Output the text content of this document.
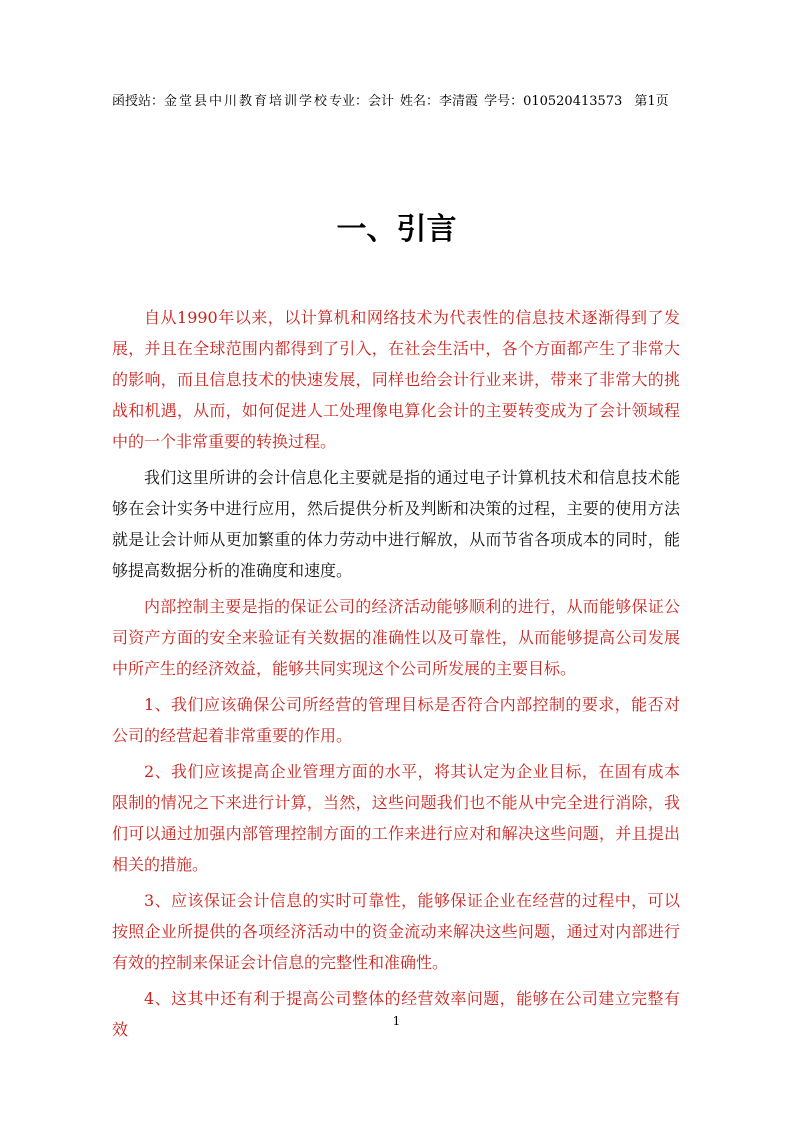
函授站：金堂县中川教育培训学校专业：会计 姓名：李清霞 学号：010520413573 第1页
一、引言

自从1990年以来，以计算机和网络技术为代表性的信息技术逐渐得到了发展，并且在全球范围内都得到了引入，在社会生活中，各个方面都产生了非常大的影响，而且信息技术的快速发展，同样也给会计行业来讲，带来了非常大的挑战和机遇，从而，如何促进人工处理像电算化会计的主要转变成为了会计领域程中的一个非常重要的转换过程。

我们这里所讲的会计信息化主要就是指的通过电子计算机技术和信息技术能够在会计实务中进行应用，然后提供分析及判断和决策的过程，主要的使用方法就是让会计师从更加繁重的体力劳动中进行解放，从而节省各项成本的同时，能够提高数据分析的准确度和速度。

内部控制主要是指的保证公司的经济活动能够顺利的进行，从而能够保证公司资产方面的安全来验证有关数据的准确性以及可靠性，从而能够提高公司发展中所产生的经济效益，能够共同实现这个公司所发展的主要目标。

1、我们应该确保公司所经营的管理目标是否符合内部控制的要求，能否对公司的经营起着非常重要的作用。

2、我们应该提高企业管理方面的水平，将其认定为企业目标，在固有成本限制的情况之下来进行计算，当然，这些问题我们也不能从中完全进行消除，我们可以通过加强内部管理控制方面的工作来进行应对和解决这些问题，并且提出相关的措施。

3、应该保证会计信息的实时可靠性，能够保证企业在经营的过程中，可以按照企业所提供的各项经济活动中的资金流动来解决这些问题，通过对内部进行有效的控制来保证会计信息的完整性和准确性。

4、这其中还有利于提高公司整体的经营效率问题，能够在公司建立完整有效	1
